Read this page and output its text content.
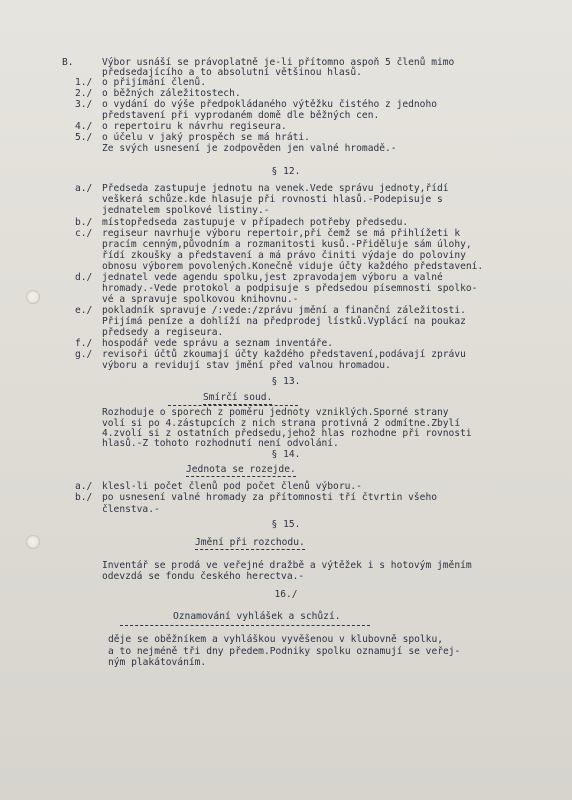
B.	Výbor usnáší se právoplatně je-li přítomno aspoň 5 členů mimo
předsedajícího a to absolutní většinou hlasů.
1./ o přijímání členů.
2./ o běžných záležitostech.
3./ o vydání do výše předpokládaného výtěžku čistého z jednoho
představení při vyprodaném domě dle běžných cen.
4./ o repertoiru k návrhu regiseura.
5./ o účelu v jaký prospěch se má hráti.
Ze svých usnesení je zodpověden jen valné hromadě.-
§ 12.
a./ Předseda zastupuje jednotu na venek.Vede správu jednoty,řídí
veškerá schůze.kde hlasuje při rovnosti hlasů.-Podepisuje s
jednatelem spolkové listiny.-
b./ místopředseda zastupuje v případech potřeby předsedu.
c./ regiseur navrhuje výboru repertoir,při čemž se má přihlížeti k
pracím cenným,původním a rozmanitosti kusů.-Přiděluje sám úlohy,
řídí zkoušky a představení a má právo činiti výdaje do poloviny
obnosu výborem povolených.Konečně viduje účty každého představení.
d./ jednatel vede agendu spolku,jest zpravodajem výboru a valné
hromady.-Vede protokol a podpisuje s předsedou písemnosti spolko-
vé a spravuje spolkovou knihovnu.-
e./ pokladník spravuje /:vede:/zprávu jmění a finanční záležitosti.
Přijímá peníze a dohlíží na předprodej lístků.Vyplácí na poukaz
předsedy a regiseura.
f./ hospodář vede správu a seznam inventáře.
g./ revisoři účtů zkoumají účty každého představení,podávají zprávu
výboru a revidují stav jmění před valnou hromadou.
§ 13.
Smírčí soud.
Rozhoduje o sporech z poměru jednoty vzniklých.Sporné strany
volí si po 4.zástupcích z nich strana protivná 2 odmítne.Zbylí
4.zvolí si z ostatních předsedu,jehož hlas rozhodne při rovnosti
hlasů.-Z tohoto rozhodnutí není odvolání.
§ 14.
Jednota se rozejde.
a./ klesl-li počet členů pod počet členů výboru.-
b./ po usnesení valné hromady za přítomnosti tří čtvrtin všeho
členstva.-
§ 15.
Jmění při rozchodu.
Inventář se prodá ve veřejné dražbě a výtěžek i s hotovým jměním
odevzdá se fondu českého herectva.-
16./
Oznamování vyhlášek a schůzí.
děje se oběžníkem a vyhláškou vyvěšenou v klubovně spolku,
a to nejméně tři dny předem.Podniky spolku oznamují se veřej-
ným plakátováním.
